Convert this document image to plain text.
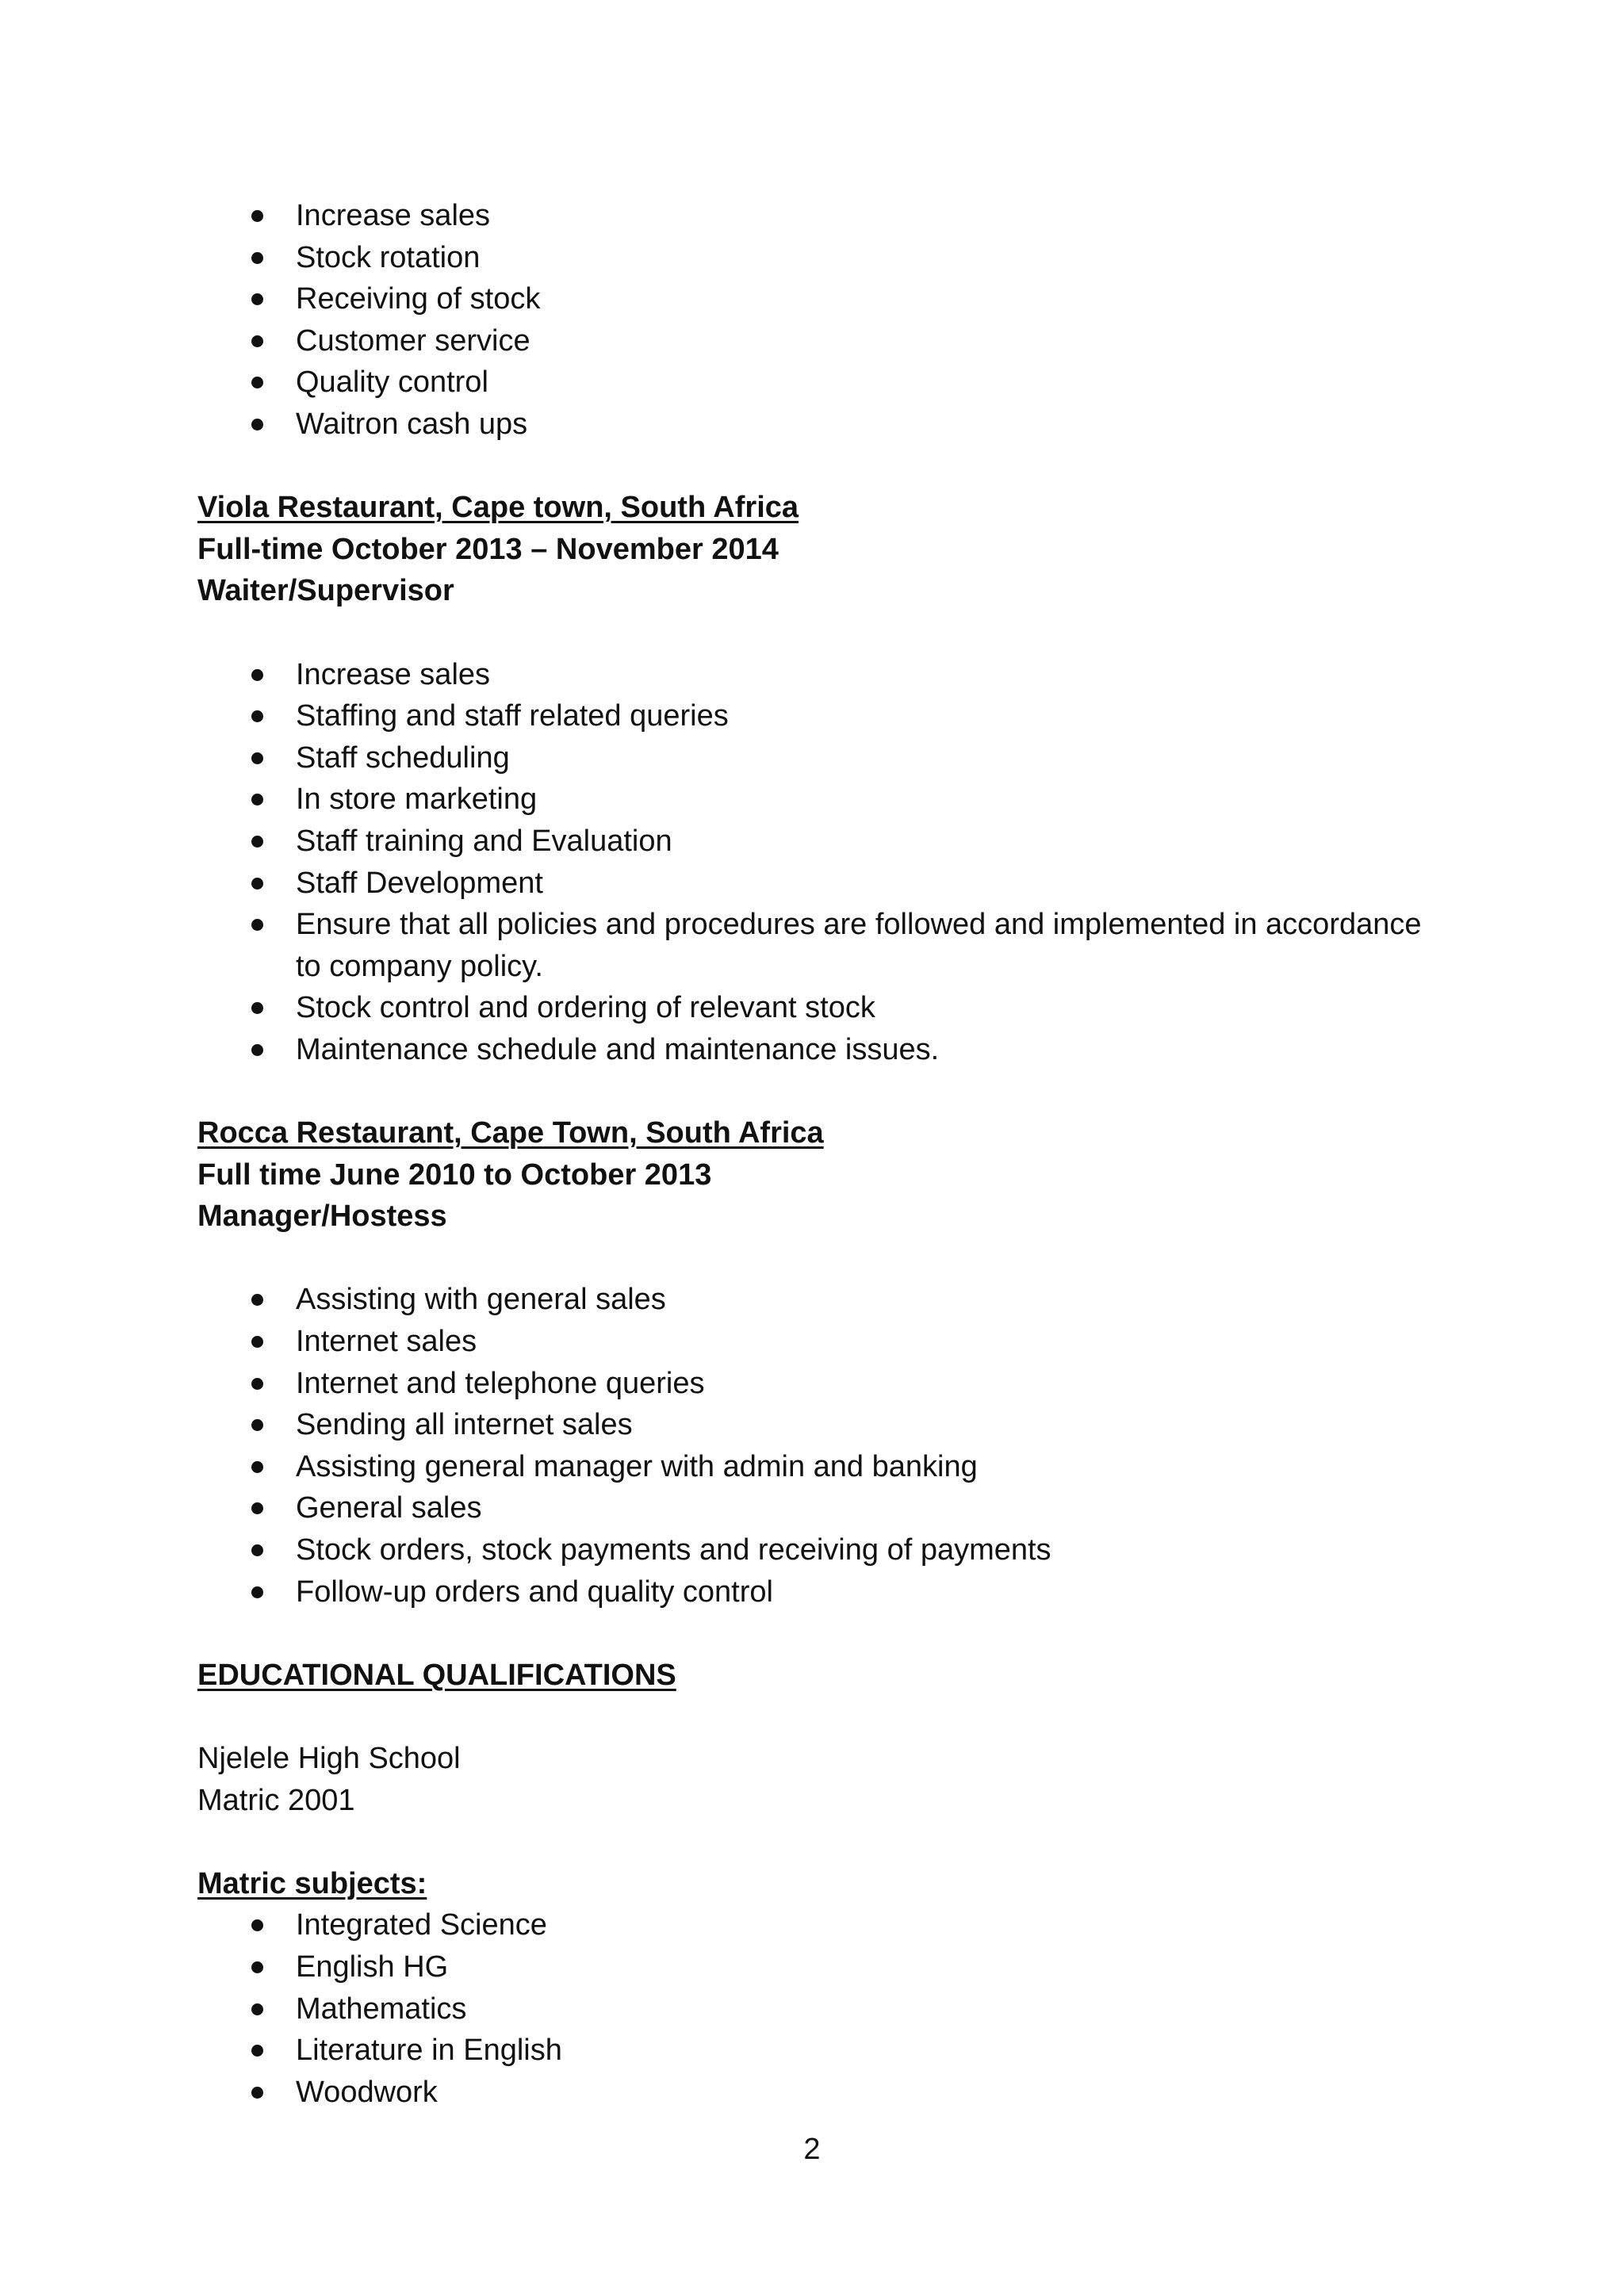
Increase sales
Stock rotation
Receiving of stock
Customer service
Quality control
Waitron cash ups
Viola Restaurant, Cape town, South Africa
Full-time October 2013 – November 2014
Waiter/Supervisor
Increase sales
Staffing and staff related queries
Staff scheduling
In store marketing
Staff training and Evaluation
Staff Development
Ensure that all policies and procedures are followed and implemented in accordance to company policy.
Stock control and ordering of relevant stock
Maintenance schedule and maintenance issues.
Rocca Restaurant, Cape Town, South Africa
Full time June 2010 to October 2013
Manager/Hostess
Assisting with general sales
Internet sales
Internet and telephone queries
Sending all internet sales
Assisting general manager with admin and banking
General sales
Stock orders, stock payments and receiving of payments
Follow-up orders and quality control
EDUCATIONAL QUALIFICATIONS
Njelele High School
Matric 2001
Matric subjects:
Integrated Science
English HG
Mathematics
Literature in English
Woodwork
2
